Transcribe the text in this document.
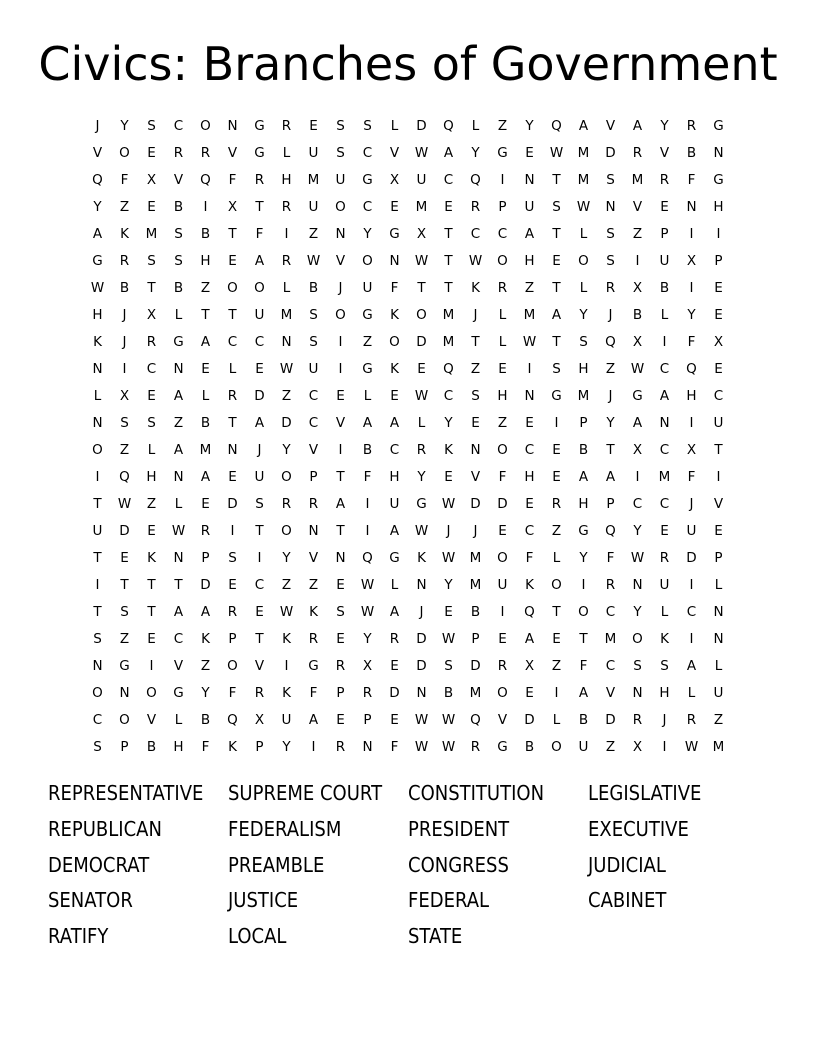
Civics: Branches of Government
J	Y	S	C	O	N	G	R	E	S	S	L	D	Q	L	Z	Y	Q	A	V	A	Y	R	G
V	O	E	R	R	V	G	L	U	S	C	V	W	A	Y	G	E	W	M	D	R	V	B	N
Q	F	X	V	Q	F	R	H	M	U	G	X	U	C	Q	I	N	T	M	S	M	R	F	G
Y	Z	E	B	I	X	T	R	U	O	C	E	M	E	R	P	U	S	W	N	V	E	N	H
A	K	M	S	B	T	F	I	Z	N	Y	G	X	T	C	C	A	T	L	S	Z	P	I	I
G	R	S	S	H	E	A	R	W	V	O	N	W	T	W	O	H	E	O	S	I	U	X	P
W	B	T	B	Z	O	O	L	B	J	U	F	T	T	K	R	Z	T	L	R	X	B	I	E
H	J	X	L	T	T	U	M	S	O	G	K	O	M	J	L	M	A	Y	J	B	L	Y	E
K	J	R	G	A	C	C	N	S	I	Z	O	D	M	T	L	W	T	S	Q	X	I	F	X
N	I	C	N	E	L	E	W	U	I	G	K	E	Q	Z	E	I	S	H	Z	W	C	Q	E
L	X	E	A	L	R	D	Z	C	E	L	E	W	C	S	H	N	G	M	J	G	A	H	C
N	S	S	Z	B	T	A	D	C	V	A	A	L	Y	E	Z	E	I	P	Y	A	N	I	U
O	Z	L	A	M	N	J	Y	V	I	B	C	R	K	N	O	C	E	B	T	X	C	X	T
I	Q	H	N	A	E	U	O	P	T	F	H	Y	E	V	F	H	E	A	A	I	M	F	I
T	W	Z	L	E	D	S	R	R	A	I	U	G	W	D	D	E	R	H	P	C	C	J	V
U	D	E	W	R	I	T	O	N	T	I	A	W	J	J	E	C	Z	G	Q	Y	E	U	E
T	E	K	N	P	S	I	Y	V	N	Q	G	K	W	M	O	F	L	Y	F	W	R	D	P
I	T	T	T	D	E	C	Z	Z	E	W	L	N	Y	M	U	K	O	I	R	N	U	I	L
T	S	T	A	A	R	E	W	K	S	W	A	J	E	B	I	Q	T	O	C	Y	L	C	N
S	Z	E	C	K	P	T	K	R	E	Y	R	D	W	P	E	A	E	T	M	O	K	I	N
N	G	I	V	Z	O	V	I	G	R	X	E	D	S	D	R	X	Z	F	C	S	S	A	L
O	N	O	G	Y	F	R	K	F	P	R	D	N	B	M	O	E	I	A	V	N	H	L	U
C	O	V	L	B	Q	X	U	A	E	P	E	W	W	Q	V	D	L	B	D	R	J	R	Z
S	P	B	H	F	K	P	Y	I	R	N	F	W	W	R	G	B	O	U	Z	X	I	W	M
REPRESENTATIVE	SUPREME COURT	CONSTITUTION	LEGISLATIVE
REPUBLICAN	FEDERALISM	PRESIDENT	EXECUTIVE
DEMOCRAT	PREAMBLE	CONGRESS	JUDICIAL
SENATOR	JUSTICE	FEDERAL	CABINET
RATIFY	LOCAL	STATE
